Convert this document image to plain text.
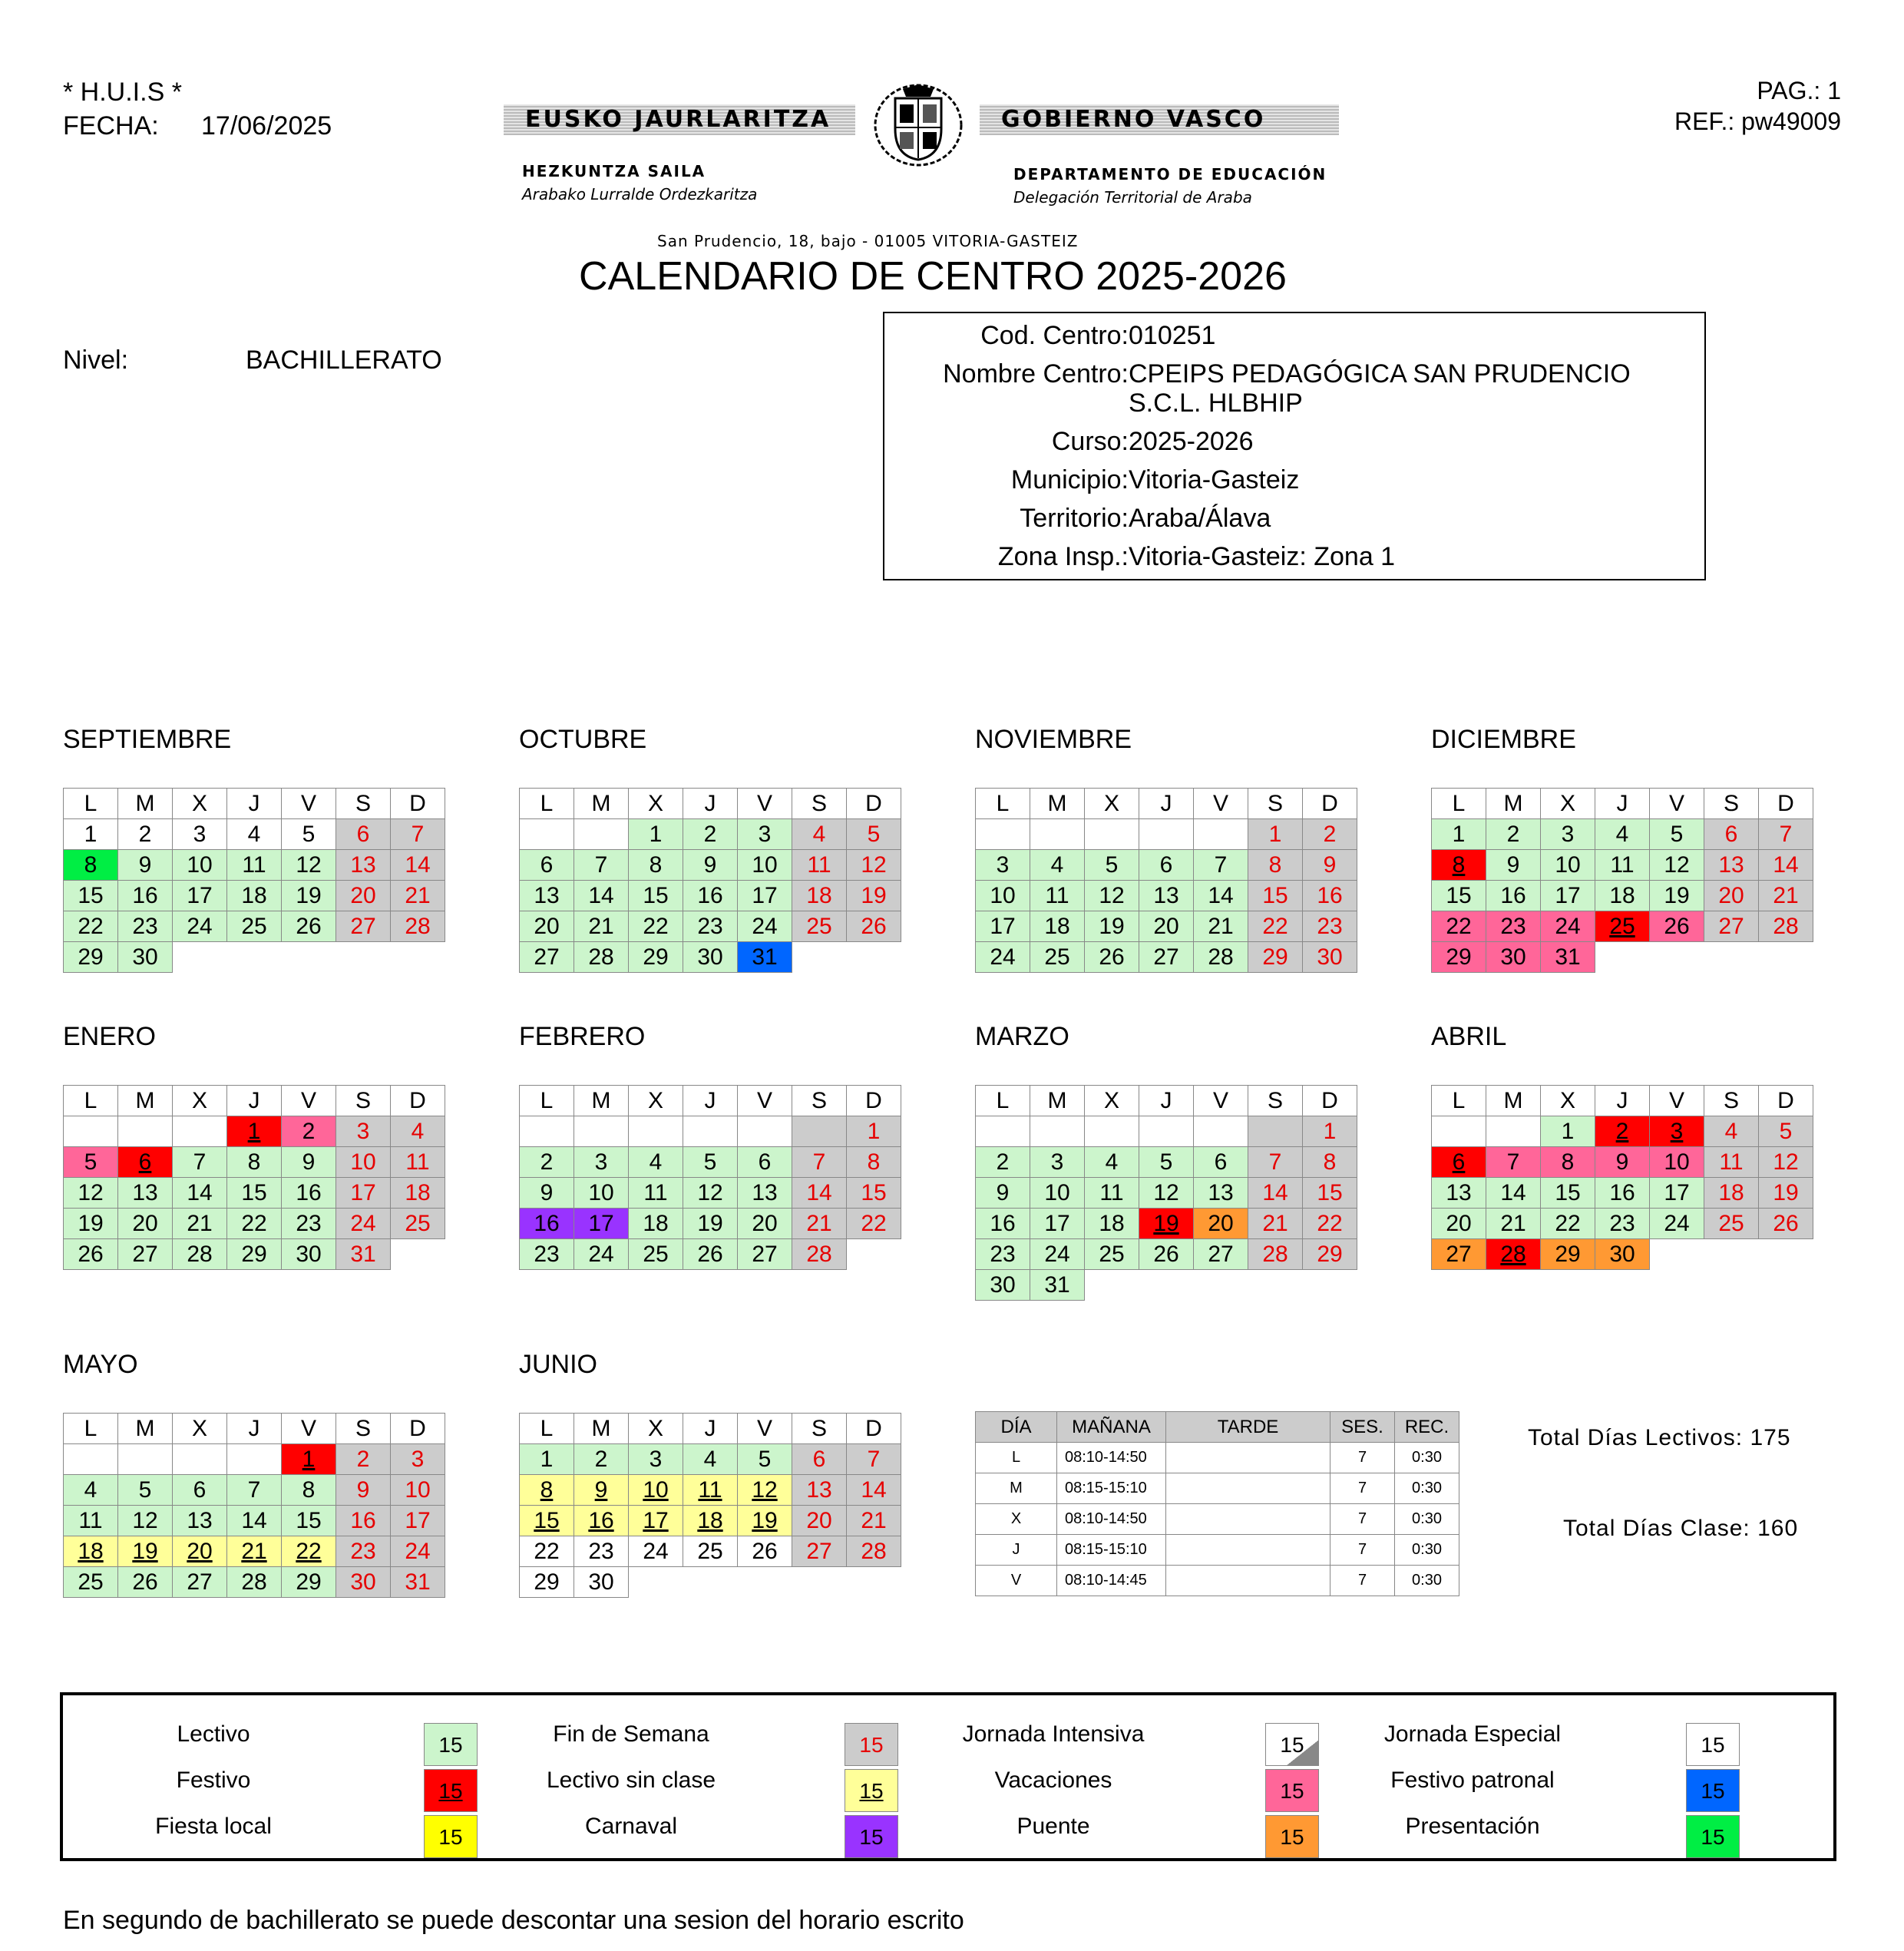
* H.U.I.S *
FECHA: 17/06/2025
PAG.: 1
REF.: pw49009
EUSKO JAURLARITZA	GOBIERNO VASCO
HEZKUNTZA SAILA
Arabako Lurralde Ordezkaritza
DEPARTAMENTO DE EDUCACIÓN
Delegación Territorial de Araba
San Prudencio, 18, bajo - 01005 VITORIA-GASTEIZ
CALENDARIO DE CENTRO 2025-2026
Nivel:	BACHILLERATO
Cod. Centro: 010251
Nombre Centro: CPEIPS PEDAGÓGICA SAN PRUDENCIO S.C.L. HLBHIP
Curso: 2025-2026
Municipio: Vitoria-Gasteiz
Territorio: Araba/Álava
Zona Insp.: Vitoria-Gasteiz: Zona 1
SEPTIEMBRE
L	M	X	J	V	S	D
1	2	3	4	5	6	7
8	9	10	11	12	13	14
15	16	17	18	19	20	21
22	23	24	25	26	27	28
29	30					
OCTUBRE
L	M	X	J	V	S	D
		1	2	3	4	5
6	7	8	9	10	11	12
13	14	15	16	17	18	19
20	21	22	23	24	25	26
27	28	29	30	31		
NOVIEMBRE
L	M	X	J	V	S	D
					1	2
3	4	5	6	7	8	9
10	11	12	13	14	15	16
17	18	19	20	21	22	23
24	25	26	27	28	29	30
DICIEMBRE
L	M	X	J	V	S	D
1	2	3	4	5	6	7
8	9	10	11	12	13	14
15	16	17	18	19	20	21
22	23	24	25	26	27	28
29	30	31				
ENERO
L	M	X	J	V	S	D
			1	2	3	4
5	6	7	8	9	10	11
12	13	14	15	16	17	18
19	20	21	22	23	24	25
26	27	28	29	30	31	
FEBRERO
L	M	X	J	V	S	D
						1
2	3	4	5	6	7	8
9	10	11	12	13	14	15
16	17	18	19	20	21	22
23	24	25	26	27	28	
MARZO
L	M	X	J	V	S	D
						1
2	3	4	5	6	7	8
9	10	11	12	13	14	15
16	17	18	19	20	21	22
23	24	25	26	27	28	29
30	31					
ABRIL
L	M	X	J	V	S	D
		1	2	3	4	5
6	7	8	9	10	11	12
13	14	15	16	17	18	19
20	21	22	23	24	25	26
27	28	29	30			
MAYO
L	M	X	J	V	S	D
				1	2	3
4	5	6	7	8	9	10
11	12	13	14	15	16	17
18	19	20	21	22	23	24
25	26	27	28	29	30	31
JUNIO
L	M	X	J	V	S	D
1	2	3	4	5	6	7
8	9	10	11	12	13	14
15	16	17	18	19	20	21
22	23	24	25	26	27	28
29	30					
DÍA	MAÑANA	TARDE	SES.	REC.
L	08:10-14:50		7	0:30
M	08:15-15:10		7	0:30
X	08:10-14:50		7	0:30
J	08:15-15:10		7	0:30
V	08:10-14:45		7	0:30
Total Días Lectivos: 175
Total Días Clase: 160
Lectivo	15	Fin de Semana	15	Jornada Intensiva	15	Jornada Especial	15
Festivo	15	Lectivo sin clase	15	Vacaciones	15	Festivo patronal	15
Fiesta local	15	Carnaval	15	Puente	15	Presentación	15
En segundo de bachillerato se puede descontar una sesion del horario escrito
